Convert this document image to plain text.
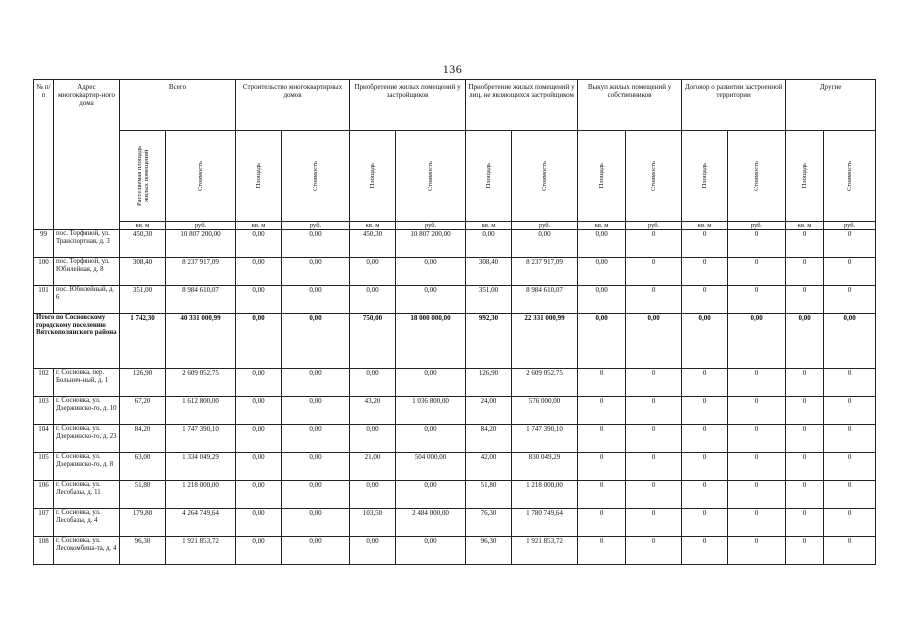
136
№ п/п	Адрес многоквартир-ного дома	Всего		Строительство многоквартирных домов		Приобретение жилых помещений у застройщиков		Приобретение жилых помещений у лиц, не являющихся застройщиком		Выкуп жилых помещений у собственников		Договор о развитии застроенной территории		Другие	

		Расселяемая площадь жилых помещений	Стоимость	Площадь	Стоимость	Площадь	Стоимость	Площадь	Стоимость	Площадь	Стоимость	Площадь	Стоимость	Площадь	Стоимость

		кв. м	руб.	кв. м	руб.	кв. м	руб.	кв. м	руб.	кв. м	руб.	кв. м	руб.	кв. м	руб.
99	пос. Торфяной, ул. Транспортная, д. 3	450,30	10 807 200,00	0,00	0,00	450,30	10 807 200,00	0,00	0,00	0,00	0	0	0	0	0
100	пос. Торфяной, ул. Юбилейная, д. 8	308,40	8 237 917,09	0,00	0,00	0,00	0,00	308,40	8 237 917,09	0,00	0	0	0	0	0
101	пос. Юбилейный, д. 6	351,00	8 984 610,07	0,00	0,00	0,00	0,00	351,00	8 984 610,07	0,00	0	0	0	0	0
Итого по Сосновскому городскому поселению Вятскополянского района		1 742,30	40 331 000,99	0,00	0,00	750,00	18 000 000,00	992,30	22 331 000,99	0,00	0,00	0,00	0,00	0,00	0,00
102	г. Сосновка, пер. Больнич-ный, д. 1	126,90	2 609 052,75	0,00	0,00	0,00	0,00	126,90	2 609 052,75	0	0	0	0	0	0
103	г. Сосновка, ул. Дзержинско-го, д. 10	67,20	1 612 800,00	0,00	0,00	43,20	1 036 800,00	24,00	576 000,00	0	0	0	0	0	0
104	г. Сосновка, ул. Дзержинско-го, д. 23	84,20	1 747 390,10	0,00	0,00	0,00	0,00	84,20	1 747 390,10	0	0	0	0	0	0
105	г. Сосновка, ул. Дзержинско-го, д. 8	63,00	1 334 049,29	0,00	0,00	21,00	504 000,00	42,00	830 049,29	0	0	0	0	0	0
106	г. Сосновка, ул. Лесобазы, д. 11	51,80	1 218 000,00	0,00	0,00	0,00	0,00	51,80	1 218 000,00	0	0	0	0	0	0
107	г. Сосновка, ул. Лесобазы, д. 4	179,80	4 264 749,64	0,00	0,00	103,50	2 484 000,00	76,30	1 780 749,64	0	0	0	0	0	0
108	г. Сосновка, ул. Лесокомбина-та, д. 4	96,30	1 921 853,72	0,00	0,00	0,00	0,00	96,30	1 921 853,72	0	0	0	0	0	0
